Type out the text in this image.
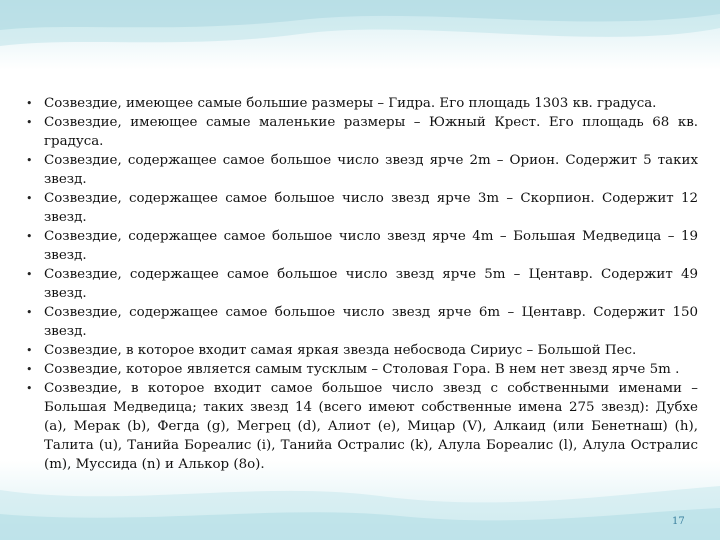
• Созвездие, имеющее самые большие размеры – Гидра. Его площадь 1303 кв. градуса.
• Созвездие, имеющее самые маленькие размеры – Южный Крест. Его площадь 68 кв. градуса.
• Созвездие, содержащее самое большое число звезд ярче 2m – Орион. Содержит 5 таких звезд.
• Созвездие, содержащее самое большое число звезд ярче 3m – Скорпион. Содержит 12 звезд.
• Созвездие, содержащее самое большое число звезд ярче 4m – Большая Медведица – 19 звезд.
• Созвездие, содержащее самое большое число звезд ярче 5m – Центавр. Содержит 49 звезд.
• Созвездие, содержащее самое большое число звезд ярче 6m – Центавр. Содержит 150 звезд.
• Созвездие, в которое входит самая яркая звезда небосвода Сириус – Большой Пес.
• Созвездие, которое является самым тусклым – Столовая Гора. В нем нет звезд ярче 5m .
• Созвездие, в которое входит самое большое число звезд с собственными именами – Большая Медведица; таких звезд 14 (всего имеют собственные имена 275 звезд): Дубхе (a), Мерак (b), Фегда (g), Мегрец (d), Алиот (e), Мицар (V), Алкаид (или Бенетнаш) (h), Талита (u), Танийа Бореалис (i), Танийа Остралис (k), Алула Бореалис (l), Алула Остралис (m), Муссида (n) и Алькор (8o).
17
